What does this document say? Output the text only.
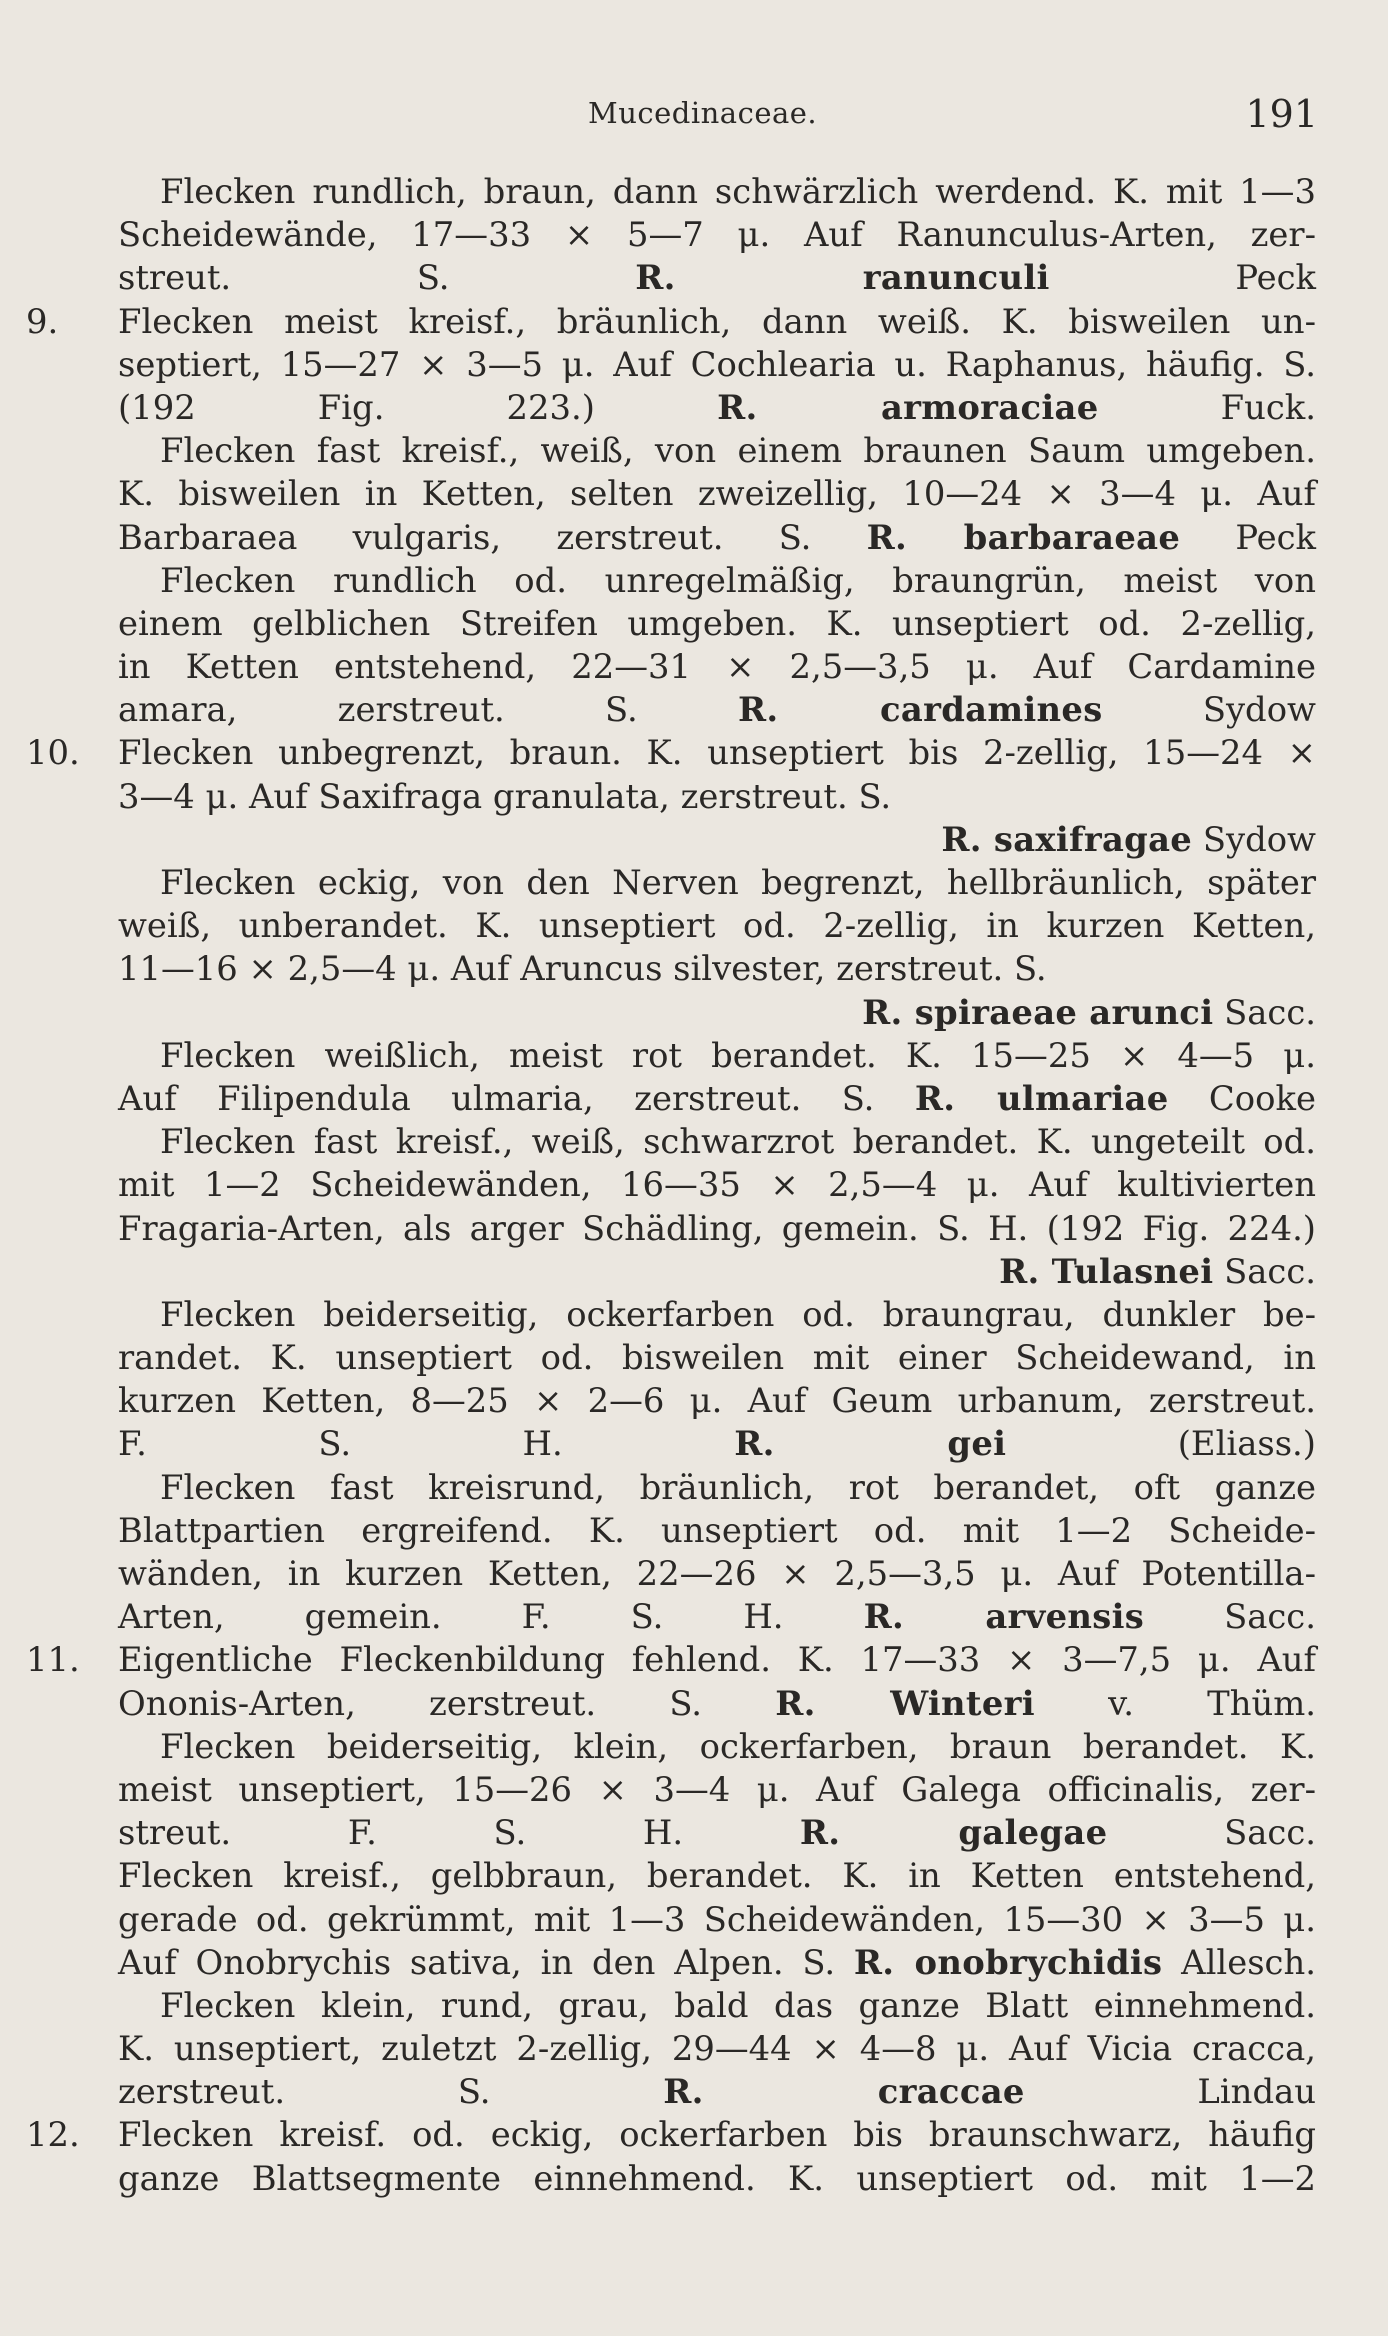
Mucedinaceae.	191
Flecken rundlich, braun, dann schwärzlich werdend. K. mit 1—3
Scheidewände, 17—33 × 5—7 μ. Auf Ranunculus-Arten, zer-
streut. S.	R. ranunculi	Peck
9.	Flecken meist kreisf., bräunlich, dann weiß. K. bisweilen un-
septiert, 15—27 × 3—5 μ. Auf Cochlearia u. Raphanus, häufig. S.
(192 Fig. 223.)	R. armoraciae	Fuck.
Flecken fast kreisf., weiß, von einem braunen Saum umgeben.
K. bisweilen in Ketten, selten zweizellig, 10—24 × 3—4 μ. Auf
Barbaraea vulgaris, zerstreut. S. R. barbaraeae Peck
Flecken rundlich od. unregelmäßig, braungrün, meist von
einem gelblichen Streifen umgeben. K. unseptiert od. 2-zellig,
in Ketten entstehend, 22—31 × 2,5—3,5 μ. Auf Cardamine
amara, zerstreut. S.	R. cardamines	Sydow
10.	Flecken unbegrenzt, braun. K. unseptiert bis 2-zellig, 15—24 ×
3—4 μ. Auf Saxifraga granulata, zerstreut. S.
R. saxifragae Sydow
Flecken eckig, von den Nerven begrenzt, hellbräunlich, später
weiß, unberandet. K. unseptiert od. 2-zellig, in kurzen Ketten,
11—16 × 2,5—4 μ. Auf Aruncus silvester, zerstreut. S.
R. spiraeae arunci Sacc.
Flecken weißlich, meist rot berandet. K. 15—25 × 4—5 μ.
Auf Filipendula ulmaria, zerstreut. S. R. ulmariae Cooke
Flecken fast kreisf., weiß, schwarzrot berandet. K. ungeteilt od.
mit 1—2 Scheidewänden, 16—35 × 2,5—4 μ. Auf kultivierten
Fragaria-Arten, als arger Schädling, gemein. S. H. (192 Fig. 224.)
R. Tulasnei Sacc.
Flecken beiderseitig, ockerfarben od. braungrau, dunkler be-
randet. K. unseptiert od. bisweilen mit einer Scheidewand, in
kurzen Ketten, 8—25 × 2—6 μ. Auf Geum urbanum, zerstreut.
F. S. H.	R. gei	(Eliass.)
Flecken fast kreisrund, bräunlich, rot berandet, oft ganze
Blattpartien ergreifend. K. unseptiert od. mit 1—2 Scheide-
wänden, in kurzen Ketten, 22—26 × 2,5—3,5 μ. Auf Potentilla-
Arten, gemein. F. S. H. R. arvensis Sacc.
11.	Eigentliche Fleckenbildung fehlend. K. 17—33 × 3—7,5 μ. Auf
Ononis-Arten, zerstreut. S. R. Winteri v. Thüm.
Flecken beiderseitig, klein, ockerfarben, braun berandet. K.
meist unseptiert, 15—26 × 3—4 μ. Auf Galega officinalis, zer-
streut. F. S. H.	R. galegae	Sacc.
Flecken kreisf., gelbbraun, berandet. K. in Ketten entstehend,
gerade od. gekrümmt, mit 1—3 Scheidewänden, 15—30 × 3—5 μ.
Auf Onobrychis sativa, in den Alpen. S. R. onobrychidis Allesch.
Flecken klein, rund, grau, bald das ganze Blatt einnehmend.
K. unseptiert, zuletzt 2-zellig, 29—44 × 4—8 μ. Auf Vicia cracca,
zerstreut. S.	R. craccae	Lindau
12.	Flecken kreisf. od. eckig, ockerfarben bis braunschwarz, häufig
ganze Blattsegmente einnehmend. K. unseptiert od. mit 1—2
